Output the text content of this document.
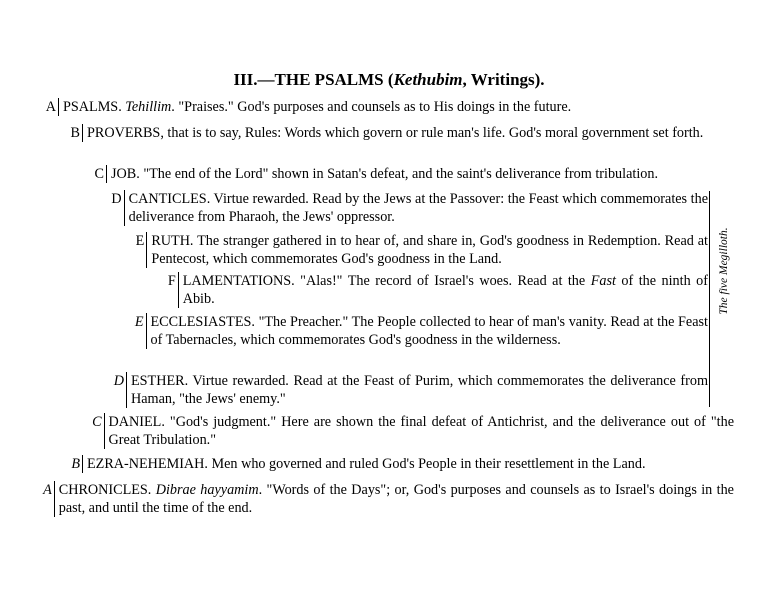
III.—THE PSALMS (Kethubim, Writings).
A PSALMS. Tehillim. "Praises." God's purposes and counsels as to His doings in the future.
B PROVERBS, that is to say, Rules: Words which govern or rule man's life. God's moral government set forth.
C JOB. "The end of the Lord" shown in Satan's defeat, and the saint's deliverance from tribulation.
D CANTICLES. Virtue rewarded. Read by the Jews at the Passover: the Feast which commemorates the deliverance from Pharaoh, the Jews' oppressor.
E RUTH. The stranger gathered in to hear of, and share in, God's goodness in Redemption. Read at Pentecost, which commemorates God's goodness in the Land.
F LAMENTATIONS. "Alas!" The record of Israel's woes. Read at the Fast of the ninth of Abib.
E ECCLESIASTES. "The Preacher." The People collected to hear of man's vanity. Read at the Feast of Tabernacles, which commemorates God's goodness in the wilderness.
D ESTHER. Virtue rewarded. Read at the Feast of Purim, which commemorates the deliverance from Haman, "the Jews' enemy."
C DANIEL. "God's judgment." Here are shown the final defeat of Antichrist, and the deliverance out of "the Great Tribulation."
B EZRA-NEHEMIAH. Men who governed and ruled God's People in their resettlement in the Land.
A CHRONICLES. Dibrae hayyamim. "Words of the Days"; or, God's purposes and counsels as to Israel's doings in the past, and until the time of the end.
The five Megilloth.
